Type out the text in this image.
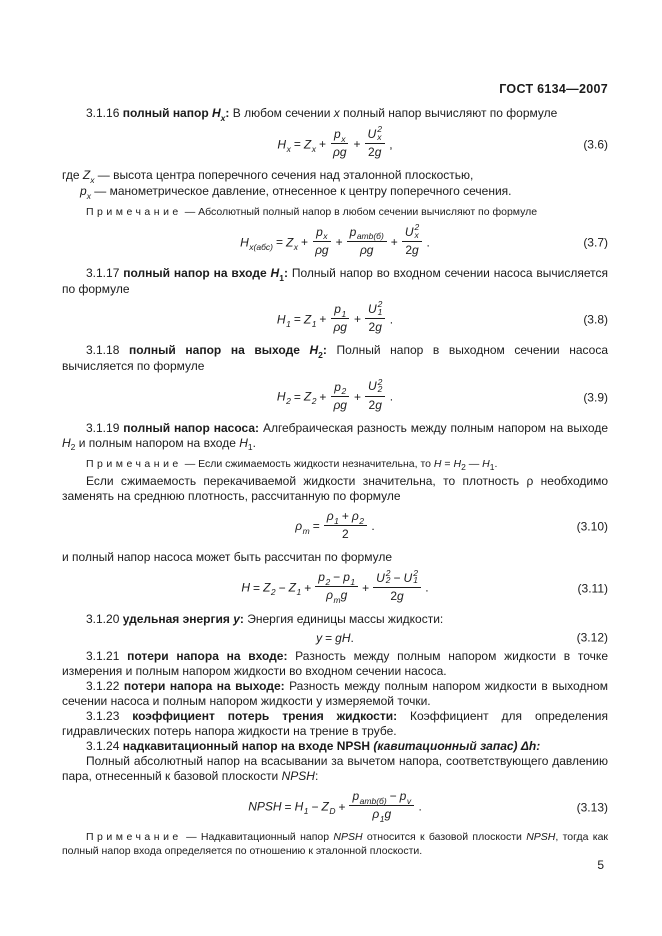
ГОСТ 6134—2007
3.1.16 полный напор $H_x$: В любом сечении x полный напор вычисляют по формуле
$H_x = Z_x + \frac{p_x}{\rho g} + U$ 2
x
2g ,	(3.6)
где $Z_x$ — высота центра поперечного сечения над эталонной плоскостью,
$p_x$ — манометрическое давление, отнесенное к центру поперечного сечения.
Примечание — Абсолютный полный напор в любом сечении вычисляют по формуле
$H_{x(абс)} = Z_x + \frac{p_x}{\rho g} + \frac{p_{amb(б)}}{\rho g} + U$ 2
x
2g .	(3.7)
3.1.17 полный напор на входе $H_1$: Полный напор во входном сечении насоса вычисляется по формуле
$H_1 = Z_1 + \frac{p_1}{\rho g} + U$ 2
1
2g .	(3.8)
3.1.18 полный напор на выходе $H_2$: Полный напор в выходном сечении насоса вычисляется по формуле
$H_2 = Z_2 + \frac{p_2}{\rho g} + U$ 2
2
2g .	(3.9)
3.1.19 полный напор насоса: Алгебраическая разность между полным напором на выходе $H_2$ и полным напором на входе $H_1$.
Примечание — Если сжимаемость жидкости незначительна, то $H = H_2$ — $H_1$.
Если сжимаемость перекачиваемой жидкости значительна, то плотность ρ необходимо заменять на среднюю плотность, рассчитанную по формуле
$\rho_m = \frac{\rho_1 + \rho_2}{2}$ .	(3.10)
и полный напор насоса может быть рассчитан по формуле
$H = Z_2 - Z_1 + \frac{p_2 - p_1}{\rho_mg} + U$ 2
2 − U 2
1
2g .	(3.11)
3.1.20 удельная энергия y: Энергия единицы массы жидкости:
y = gH.	(3.12)
3.1.21 потери напора на входе: Разность между полным напором жидкости в точке измерения и полным напором жидкости во входном сечении насоса.
3.1.22 потери напора на выходе: Разность между полным напором жидкости в выходном сечении насоса и полным напором жидкости у измеряемой точки.
3.1.23 коэффициент потерь трения жидкости: Коэффициент для определения гидравлических потерь напора жидкости на трение в трубе.
3.1.24 надкавитационный напор на входе NPSH (кавитационный запас) Δh:
Полный абсолютный напор на всасывании за вычетом напора, соответствующего давлению пара, отнесенный к базовой плоскости NPSH:
NPSH = $H_1 - Z_D + \frac{p_{amb(б)} - p_v}{\rho_1g}$ .	(3.13)
Примечание — Надкавитационный напор NPSH относится к базовой плоскости NPSH, тогда как полный напор входа определяется по отношению к эталонной плоскости.
5
